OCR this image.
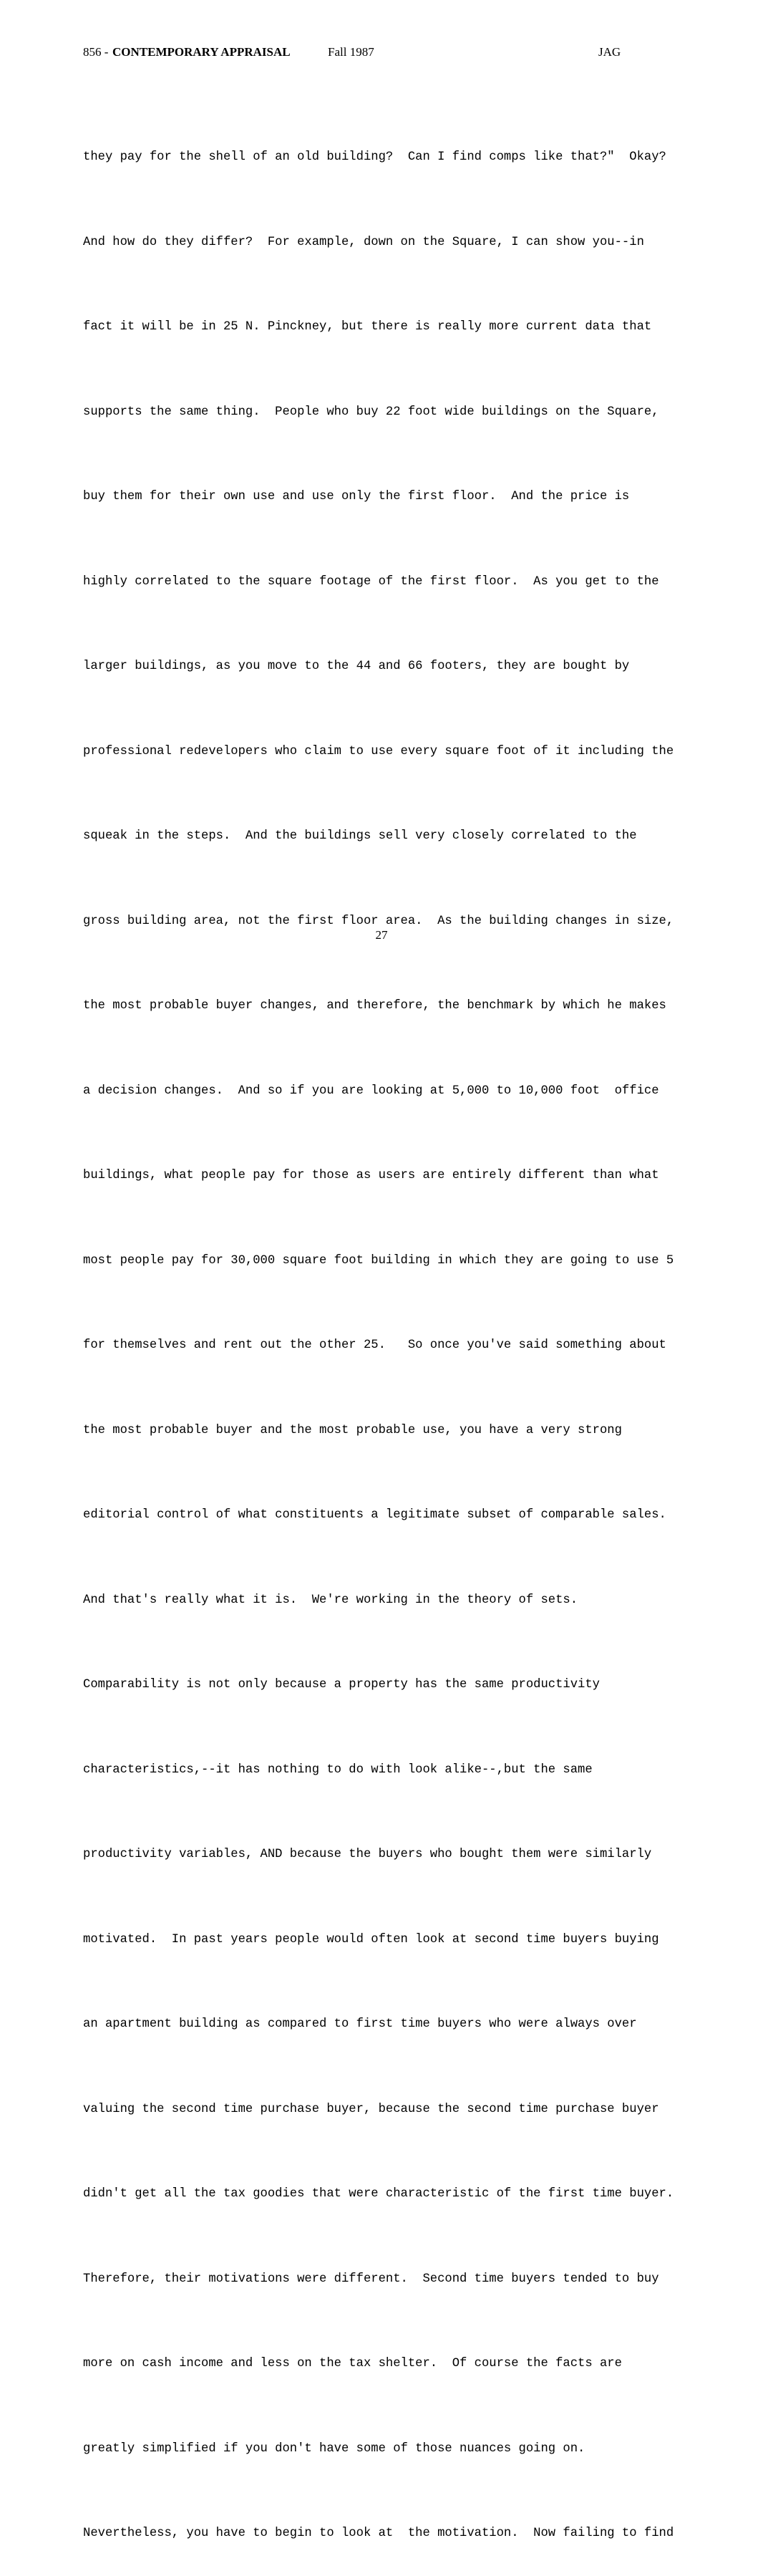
856 - CONTEMPORARY APPRAISAL	Fall 1987	JAG

they pay for the shell of an old building?  Can I find comps like that?"  Okay?

And how do they differ?  For example, down on the Square, I can show you--in

fact it will be in 25 N. Pinckney, but there is really more current data that

supports the same thing.  People who buy 22 foot wide buildings on the Square,

buy them for their own use and use only the first floor.  And the price is

highly correlated to the square footage of the first floor.  As you get to the

larger buildings, as you move to the 44 and 66 footers, they are bought by

professional redevelopers who claim to use every square foot of it including the

squeak in the steps.  And the buildings sell very closely correlated to the

gross building area, not the first floor area.  As the building changes in size,

the most probable buyer changes, and therefore, the benchmark by which he makes

a decision changes.  And so if you are looking at 5,000 to 10,000 foot  office

buildings, what people pay for those as users are entirely different than what

most people pay for 30,000 square foot building in which they are going to use 5

for themselves and rent out the other 25.   So once you've said something about

the most probable buyer and the most probable use, you have a very strong

editorial control of what constituents a legitimate subset of comparable sales.

And that's really what it is.  We're working in the theory of sets.

Comparability is not only because a property has the same productivity

characteristics,--it has nothing to do with look alike--,but the same

productivity variables, AND because the buyers who bought them were similarly

motivated.  In past years people would often look at second time buyers buying

an apartment building as compared to first time buyers who were always over

valuing the second time purchase buyer, because the second time purchase buyer

didn't get all the tax goodies that were characteristic of the first time buyer.

Therefore, their motivations were different.  Second time buyers tended to buy

more on cash income and less on the tax shelter.  Of course the facts are

greatly simplified if you don't have some of those nuances going on.

Nevertheless, you have to begin to look at  the motivation.  Now failing to find

27
